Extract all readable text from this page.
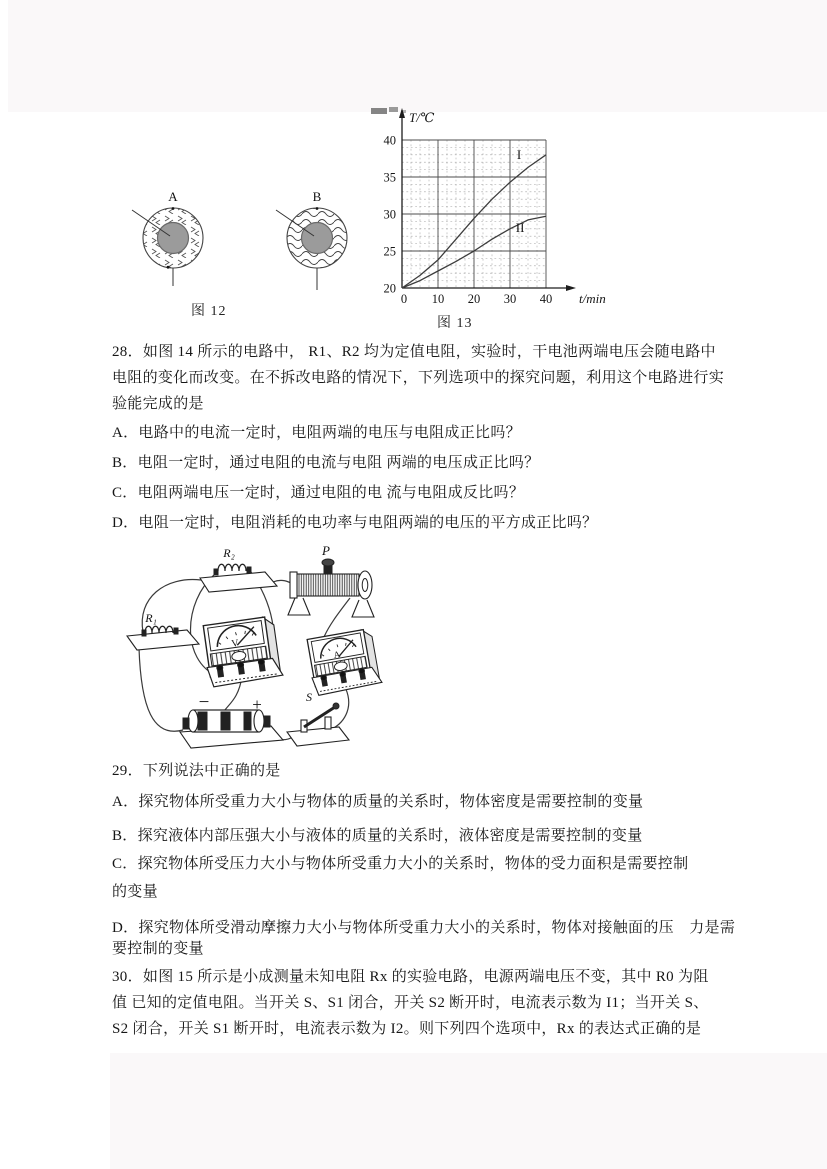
A	B
图 12
20
25
30
35
40
0 10 20 30 40
T/℃
t/min
I
II
图 13
28．如图 14 所示的电路中， R1、R2 均为定值电阻，实验时，干电池两端电压会随电路中
电阻的变化而改变。在不拆改电路的情况下，下列选项中的探究问题，利用这个电路进行实
验能完成的是
A．电路中的电流一定时，电阻两端的电压与电阻成正比吗？
B．电阻一定时，通过电阻的电流与电阻 两端的电压成正比吗？
C．电阻两端电压一定时，通过电阻的电 流与电阻成反比吗？
D．电阻一定时，电阻消耗的电功率与电阻两端的电压的平方成正比吗？
R₁
R₂	P
V
A
−	+	S
29．下列说法中正确的是
A．探究物体所受重力大小与物体的质量的关系时，物体密度是需要控制的变量
B．探究液体内部压强大小与液体的质量的关系时，液体密度是需要控制的变量
C．探究物体所受压力大小与物体所受重力大小的关系时，物体的受力面积是需要控制
的变量
D．探究物体所受滑动摩擦力大小与物体所受重力大小的关系时，物体对接触面的压　力是需
要控制的变量
30．如图 15 所示是小成测量未知电阻 Rx 的实验电路，电源两端电压不变，其中 R0 为阻
值 已知的定值电阻。当开关 S、S1 闭合，开关 S2 断开时，电流表示数为 I1；当开关 S、
S2 闭合，开关 S1 断开时，电流表示数为 I2。则下列四个选项中，Rx 的表达式正确的是
